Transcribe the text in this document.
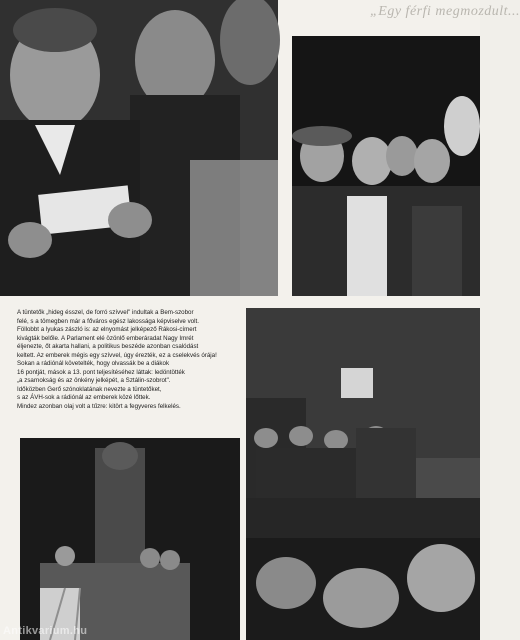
„Egy férfi megmozdult...

A tüntetők „hideg ésszel, de forró szívvel" indultak a Bem-szobor

felé, s a tömegben már a főváros egész lakossága képviselve volt.

Föllobbt a lyukas zászló is: az elnyomást jelképező Rákosi-címert

kivágták belőle. A Parlament elé özönlő emberáradat Nagy Imrét

éljenezte, őt akarta hallani, a politikus beszéde azonban csalódást

keltett. Az emberek mégis egy szívvel, úgy érezték, ez a cselekvés órája!

Sokan a rádiónál követelték, hogy olvassák be a diákok

16 pontját, mások a 13. pont teljesítéséhez láttak: ledöntötték

„a zsarnokság és az önkény jelképét, a Sztálin-szobrot".

Időközben Gerő szónoklatának nevezte a tüntetőket,

s az ÁVH-sok a rádiónál az emberek közé lőttek.

Mindez azonban olaj volt a tűzre: kitört a fegyveres felkelés.

Antikvarium.hu
